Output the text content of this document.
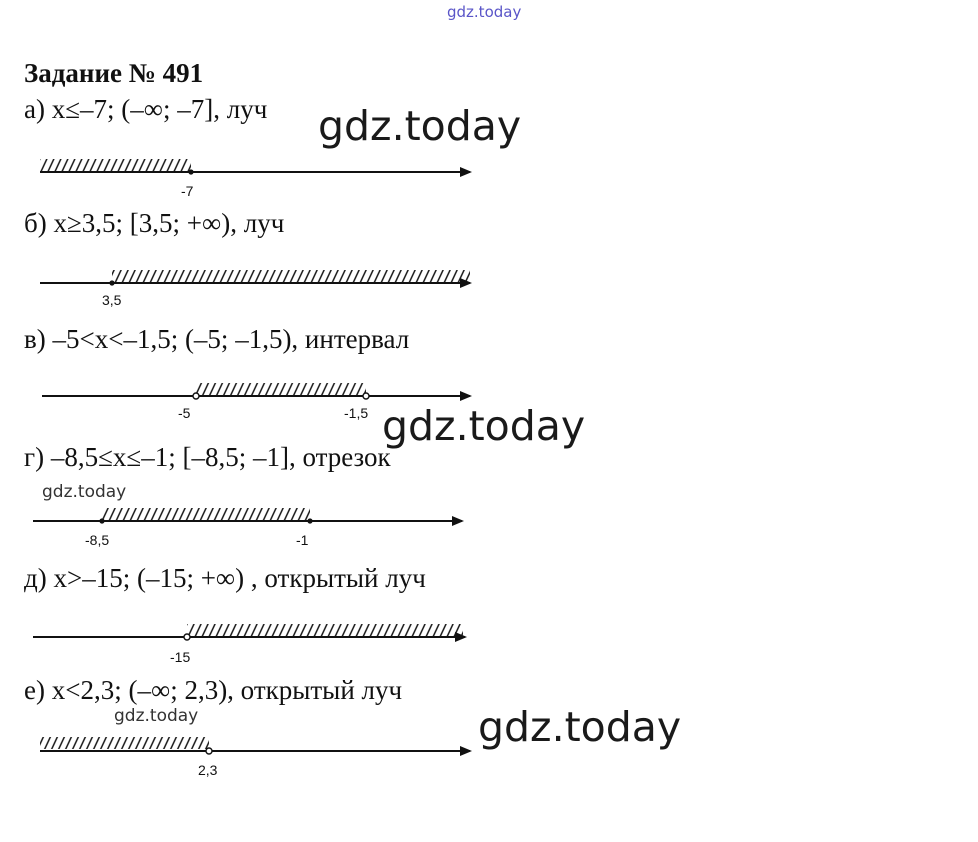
gdz.today
Задание № 491
а) x≤–7; (–∞; –7], луч
б) x≥3,5; [3,5; +∞), луч
в) –5<x<–1,5; (–5; –1,5), интервал
г) –8,5≤x≤–1; [–8,5; –1], отрезок
д) x>–15; (–15; +∞) , открытый луч
е) x<2,3; (–∞; 2,3), открытый луч
-7
3,5
-5	-1,5
-8,5	-1
-15
2,3
gdz.today
gdz.today
gdz.today
gdz.today
gdz.today
